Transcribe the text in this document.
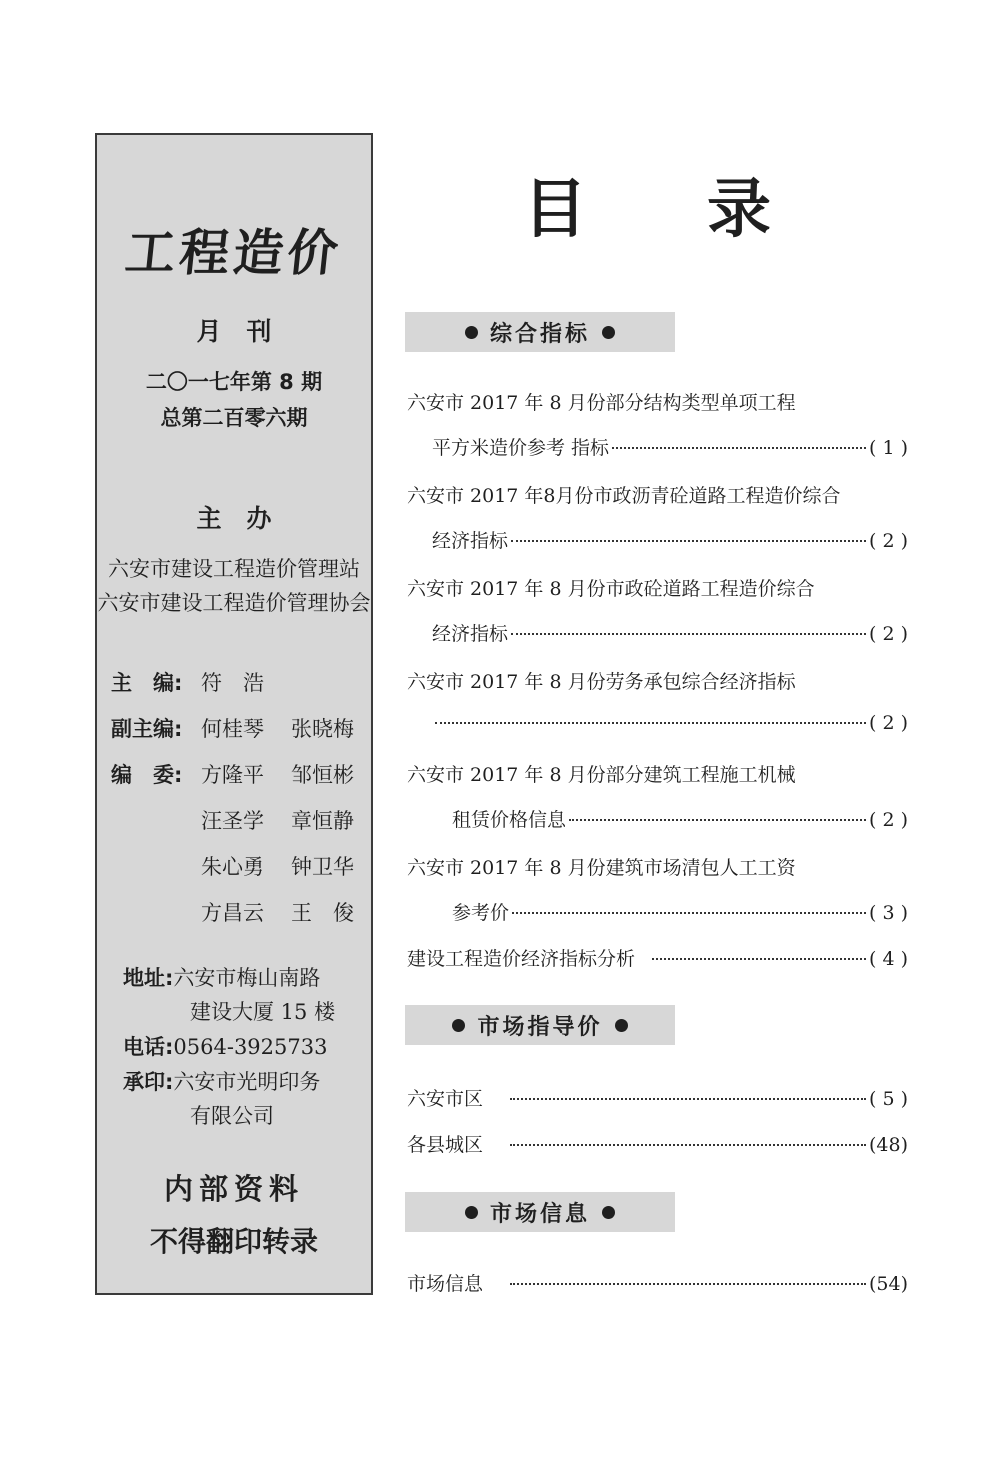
工程造价
月　刊
二〇一七年第 8 期
总第二百零六期
主　办
六安市建设工程造价管理站
六安市建设工程造价管理协会
主　编: 符　浩
副主编: 何桂琴 张晓梅
编　委: 方隆平 邹恒彬
汪圣学 章恒静
朱心勇 钟卫华
方昌云 王　俊
地址:六安市梅山南路
建设大厦 15 楼
电话:0564-3925733
承印:六安市光明印务
有限公司
内部资料
不得翻印转录
目录
综合指标
六安市 2017 年 8 月份部分结构类型单项工程
平方米造价参考 指标	( 1 )
六安市 2017 年8月份市政沥青砼道路工程造价综合
经济指标	( 2 )
六安市 2017 年 8 月份市政砼道路工程造价综合
经济指标	( 2 )
六安市 2017 年 8 月份劳务承包综合经济指标
( 2 )
六安市 2017 年 8 月份部分建筑工程施工机械
租赁价格信息	( 2 )
六安市 2017 年 8 月份建筑市场清包人工工资
参考价	( 3 )
建设工程造价经济指标分析	( 4 )
市场指导价
六安市区	( 5 )
各县城区	(48)
市场信息
市场信息	(54)
